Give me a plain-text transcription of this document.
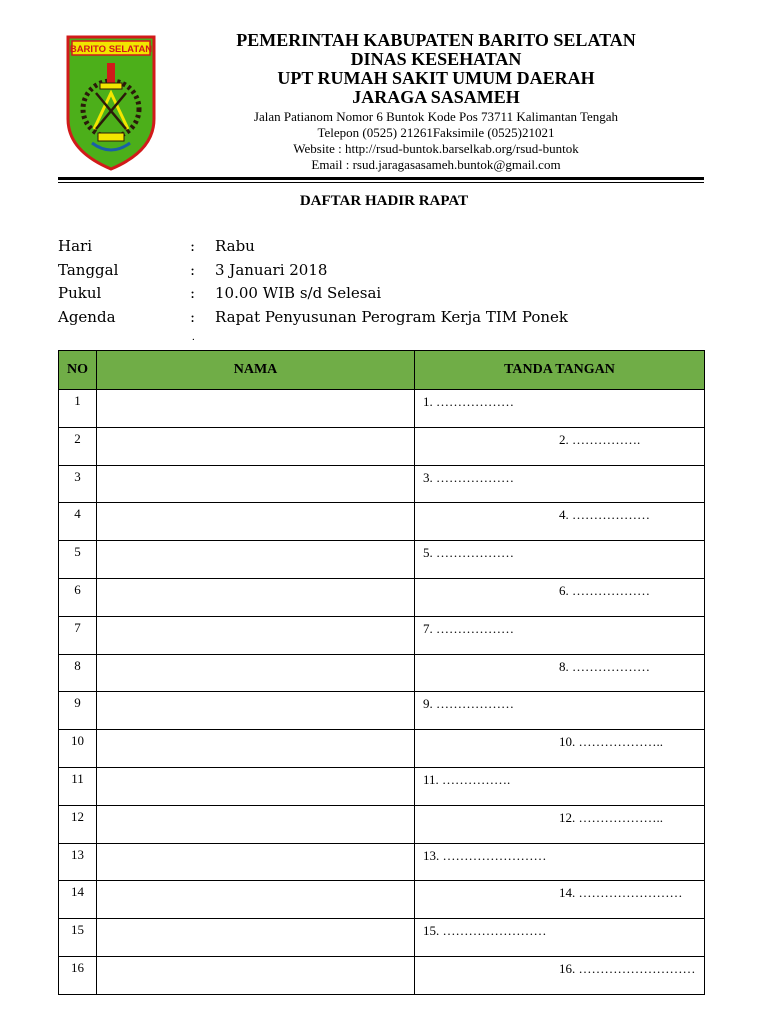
BARITO SELATAN	PEMERINTAH KABUPATEN BARITO SELATAN
DINAS KESEHATAN
UPT RUMAH SAKIT UMUM DAERAH
JARAGA SASAMEH
Jalan Patianom Nomor 6 Buntok Kode Pos 73711 Kalimantan Tengah
Telepon (0525) 21261Faksimile (0525)21021
Website : http://rsud-buntok.barselkab.org/rsud-buntok
Email : rsud.jaragasasameh.buntok@gmail.com
DAFTAR HADIR RAPAT
Hari	: Rabu
Tanggal	: 3 Januari 2018
Pukul	: 10.00 WIB s/d Selesai
Agenda	: Rapat Penyusunan Perogram Kerja TIM Ponek
.
NO	NAMA	TANDA TANGAN
1		1. ………………

2		2. …………….

3		3. ………………

4		4. ………………

5		5. ………………

6		6. ………………

7		7. ………………

8		8. ………………

9		9. ………………

10		10. ………………..

11		11. …………….

12		12. ………………..

13		13. ……………………

14		14. ……………………

15		15. ……………………

16		16. ………………………
